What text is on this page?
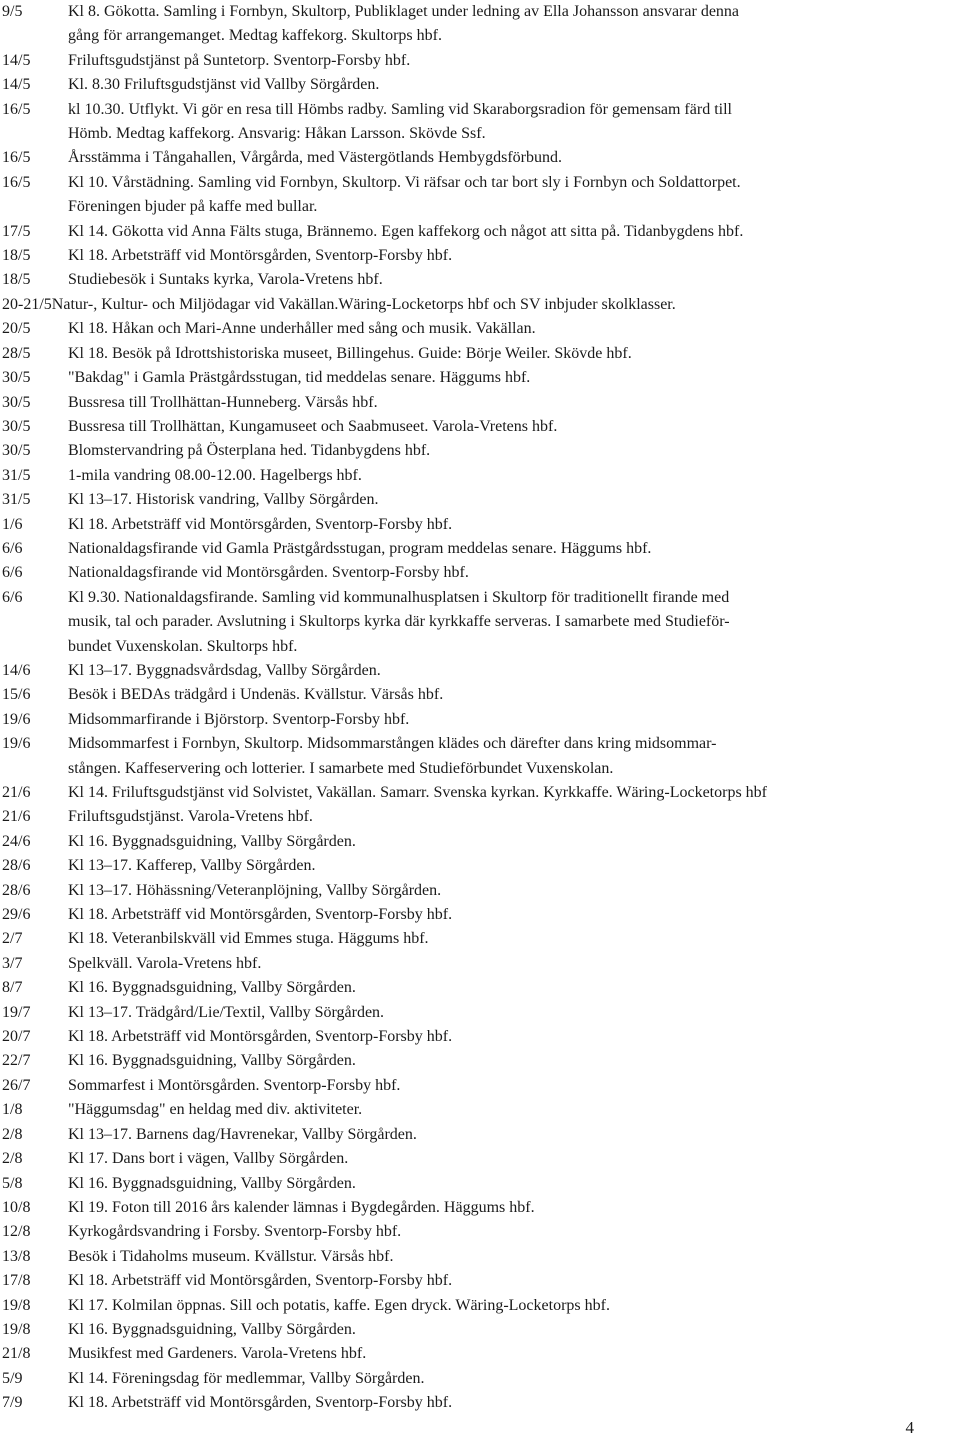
9/5	Kl 8. Gökotta. Samling i Fornbyn, Skultorp, Publiklaget under ledning av Ella Johansson ansvarar denna
gång för arrangemanget. Medtag kaffekorg. Skultorps hbf.
14/5	Friluftsgudstjänst på Suntetorp. Sventorp-Forsby hbf.
14/5	Kl. 8.30 Friluftsgudstjänst vid Vallby Sörgården.
16/5	kl 10.30. Utflykt. Vi gör en resa till Hömbs radby. Samling vid Skaraborgsradion för gemensam färd till
Hömb. Medtag kaffekorg. Ansvarig: Håkan Larsson. Skövde Ssf.
16/5	Årsstämma i Tångahallen, Vårgårda, med Västergötlands Hembygdsförbund.
16/5	Kl 10. Vårstädning. Samling vid Fornbyn, Skultorp. Vi räfsar och tar bort sly i Fornbyn och Soldattorpet.
Föreningen bjuder på kaffe med bullar.
17/5	Kl 14. Gökotta vid Anna Fälts stuga, Brännemo. Egen kaffekorg och något att sitta på. Tidanbygdens hbf.
18/5	Kl 18. Arbetsträff vid Montörsgården, Sventorp-Forsby hbf.
18/5	Studiebesök i Suntaks kyrka, Varola-Vretens hbf.
20-21/5 Natur-, Kultur- och Miljödagar vid Vakällan.Wäring-Locketorps hbf och SV inbjuder skolklasser.
20/5	Kl 18. Håkan och Mari-Anne underhåller med sång och musik. Vakällan.
28/5	Kl 18. Besök på Idrottshistoriska museet, Billingehus. Guide: Börje Weiler. Skövde hbf.
30/5	"Bakdag" i Gamla Prästgårdsstugan, tid meddelas senare. Häggums hbf.
30/5	Bussresa till Trollhättan-Hunneberg. Värsås hbf.
30/5	Bussresa till Trollhättan, Kungamuseet och Saabmuseet. Varola-Vretens hbf.
30/5	Blomstervandring på Österplana hed. Tidanbygdens hbf.
31/5	1-mila vandring 08.00-12.00. Hagelbergs hbf.
31/5	Kl 13–17. Historisk vandring, Vallby Sörgården.
1/6	Kl 18. Arbetsträff vid Montörsgården, Sventorp-Forsby hbf.
6/6	Nationaldagsfirande vid Gamla Prästgårdsstugan, program meddelas senare. Häggums hbf.
6/6	Nationaldagsfirande vid Montörsgården. Sventorp-Forsby hbf.
6/6	Kl 9.30. Nationaldagsfirande. Samling vid kommunalhusplatsen i Skultorp för traditionellt firande med
musik, tal och parader. Avslutning i Skultorps kyrka där kyrkkaffe serveras. I samarbete med Studieför-
bundet Vuxenskolan. Skultorps hbf.
14/6	Kl 13–17. Byggnadsvårdsdag, Vallby Sörgården.
15/6	Besök i BEDAs trädgård i Undenäs. Kvällstur. Värsås hbf.
19/6	Midsommarfirande i Björstorp. Sventorp-Forsby hbf.
19/6	Midsommarfest i Fornbyn, Skultorp. Midsommarstången klädes och därefter dans kring midsommar-
stången. Kaffeservering och lotterier. I samarbete med Studieförbundet Vuxenskolan.
21/6	Kl 14. Friluftsgudstjänst vid Solvistet, Vakällan. Samarr. Svenska kyrkan. Kyrkkaffe. Wäring-Locketorps hbf
21/6	Friluftsgudstjänst. Varola-Vretens hbf.
24/6	Kl 16. Byggnadsguidning, Vallby Sörgården.
28/6	Kl 13–17. Kafferep, Vallby Sörgården.
28/6	Kl 13–17. Höhässning/Veteranplöjning, Vallby Sörgården.
29/6	Kl 18. Arbetsträff vid Montörsgården, Sventorp-Forsby hbf.
2/7	Kl 18. Veteranbilskväll vid Emmes stuga. Häggums hbf.
3/7	Spelkväll. Varola-Vretens hbf.
8/7	Kl 16. Byggnadsguidning, Vallby Sörgården.
19/7	Kl 13–17. Trädgård/Lie/Textil, Vallby Sörgården.
20/7	Kl 18. Arbetsträff vid Montörsgården, Sventorp-Forsby hbf.
22/7	Kl 16. Byggnadsguidning, Vallby Sörgården.
26/7	Sommarfest i Montörsgården. Sventorp-Forsby hbf.
1/8	"Häggumsdag" en heldag med div. aktiviteter.
2/8	Kl 13–17. Barnens dag/Havrenekar, Vallby Sörgården.
2/8	Kl 17. Dans bort i vägen, Vallby Sörgården.
5/8	Kl 16. Byggnadsguidning, Vallby Sörgården.
10/8	Kl 19. Foton till 2016 års kalender lämnas i Bygdegården. Häggums hbf.
12/8	Kyrkogårdsvandring i Forsby. Sventorp-Forsby hbf.
13/8	Besök i Tidaholms museum. Kvällstur. Värsås hbf.
17/8	Kl 18. Arbetsträff vid Montörsgården, Sventorp-Forsby hbf.
19/8	Kl 17. Kolmilan öppnas. Sill och potatis, kaffe. Egen dryck. Wäring-Locketorps hbf.
19/8	Kl 16. Byggnadsguidning, Vallby Sörgården.
21/8	Musikfest med Gardeners. Varola-Vretens hbf.
5/9	Kl 14. Föreningsdag för medlemmar, Vallby Sörgården.
7/9	Kl 18. Arbetsträff vid Montörsgården, Sventorp-Forsby hbf.
4
